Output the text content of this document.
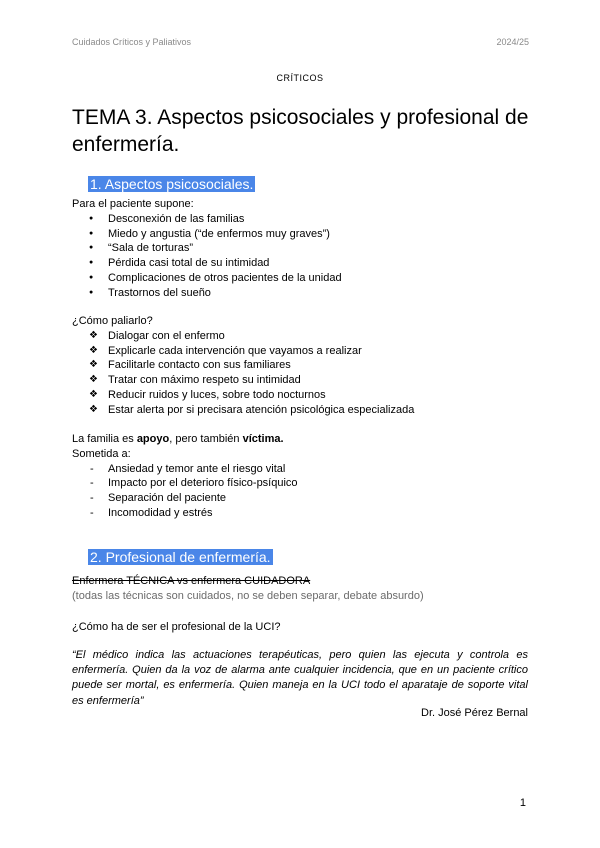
Cuidados Críticos y Paliativos	2024/25
CRÍTICOS
TEMA 3. Aspectos psicosociales y profesional de enfermería.
1. Aspectos psicosociales.
Para el paciente supone:
● Desconexión de las familias
● Miedo y angustia (“de enfermos muy graves”)
● “Sala de torturas”
● Pérdida casi total de su intimidad
● Complicaciones de otros pacientes de la unidad
● Trastornos del sueño
¿Cómo paliarlo?
❖ Dialogar con el enfermo
❖ Explicarle cada intervención que vayamos a realizar
❖ Facilitarle contacto con sus familiares
❖ Tratar con máximo respeto su intimidad
❖ Reducir ruidos y luces, sobre todo nocturnos
❖ Estar alerta por si precisara atención psicológica especializada
La familia es apoyo, pero también víctima.
Sometida a:
- Ansiedad y temor ante el riesgo vital
- Impacto por el deterioro físico-psíquico
- Separación del paciente
- Incomodidad y estrés
2. Profesional de enfermería.
Enfermera TÉCNICA vs enfermera CUIDADORA
(todas las técnicas son cuidados, no se deben separar, debate absurdo)
¿Cómo ha de ser el profesional de la UCI?
“El médico indica las actuaciones terapéuticas, pero quien las ejecuta y controla es enfermería. Quien da la voz de alarma ante cualquier incidencia, que en un paciente crítico puede ser mortal, es enfermería. Quien maneja en la UCI todo el aparataje de soporte vital es enfermería”
Dr. José Pérez Bernal
1
